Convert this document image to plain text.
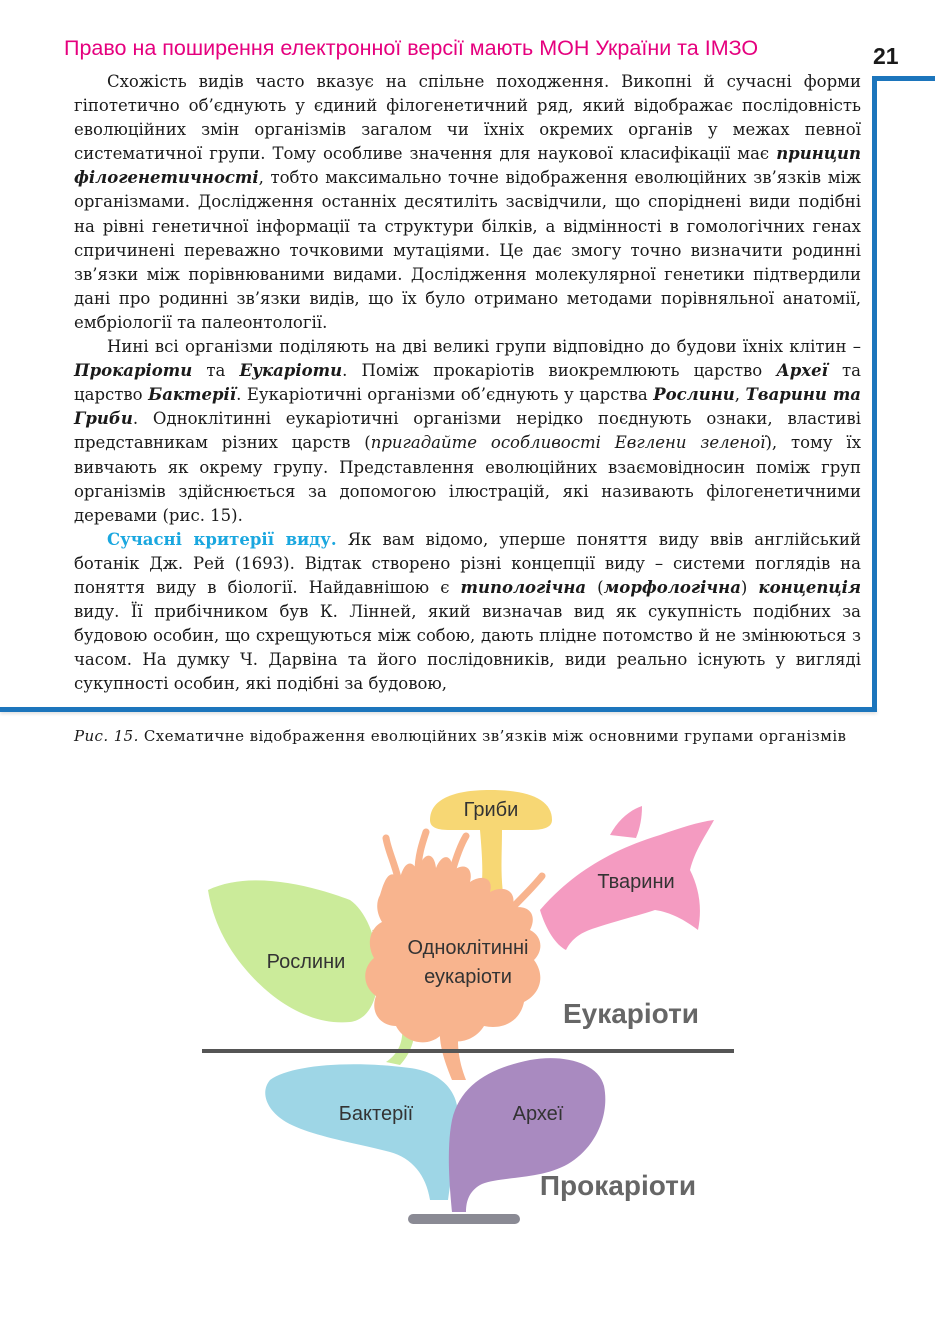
Право на поширення електронної версії мають МОН України та ІМЗО	21

Схожість видів часто вказує на спільне походження. Викопні й сучасні форми гіпотетично об’єднують у єдиний філогенетичний ряд, який відображає послідовність еволюційних змін організмів загалом чи їхніх окремих органів у межах певної систематичної групи. Тому особливе значення для наукової класифікації має принцип філогенетичності, тобто максимально точне відображення еволюційних зв’язків між організмами. Дослідження останніх десятиліть засвідчили, що споріднені види подібні на рівні генетичної інформації та структури білків, а відмінності в гомологічних генах спричинені переважно точковими мутаціями. Це дає змогу точно визначити родинні зв’язки між порівнюваними видами. Дослідження молекулярної генетики підтвердили дані про родинні зв’язки видів, що їх було отримано методами порівняльної анатомії, ембріології та палеонтології.

Нині всі організми поділяють на дві великі групи відповідно до будови їхніх клітин – Прокаріоти та Еукаріоти. Поміж прокаріотів виокремлюють царство Археї та царство Бактерії. Еукаріотичні організми об’єднують у царства Рослини, Тварини та Гриби. Одноклітинні еукаріотичні організми нерідко поєднують ознаки, властиві представникам різних царств (пригадайте особливості Евглени зеленої), тому їх вивчають як окрему групу. Представлення еволюційних взаємовідносин поміж груп організмів здійснюється за допомогою ілюстрацій, які називають філогенетичними деревами (рис. 15).

Сучасні критерії виду. Як вам відомо, уперше поняття виду ввів англійський ботанік Дж. Рей (1693). Відтак створено різні концепції виду – системи поглядів на поняття виду в біології. Найдавнішою є типологічна (морфологічна) концепція виду. Її прибічником був К. Лінней, який визначав вид як сукупність подібних за будовою особин, що схрещуються між собою, дають плідне потомство й не змінюються з часом. На думку Ч. Дарвіна та його послідовників, види реально існують у вигляді сукупності особин, які подібні за будовою,

Рис. 15. Схематичне відображення еволюційних зв’язків між основними групами організмів
Гриби
Тварини
Рослини
Одноклітинні
еукаріоти
Еукаріоти
Бактерії	Археї
Прокаріоти
